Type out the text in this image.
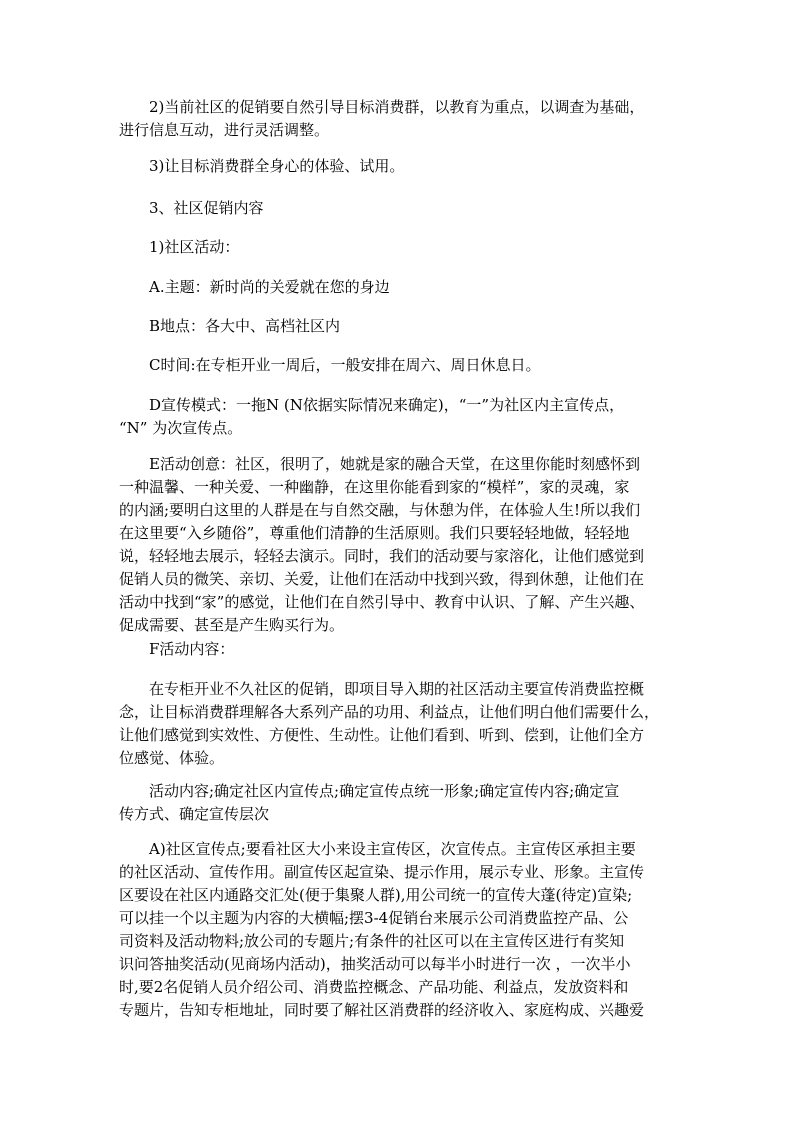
　　2)当前社区的促销要自然引导目标消费群，以教育为重点，以调查为基础，
进行信息互动，进行灵活调整。
　　3)让目标消费群全身心的体验、试用。
　　3、社区促销内容
　　1)社区活动：
　　A.主题：新时尚的关爱就在您的身边
　　B地点：各大中、高档社区内
　　C时间:在专柜开业一周后，一般安排在周六、周日休息日。
　　D宣传模式：一拖N (N依据实际情况来确定)，“一”为社区内主宣传点，
“N” 为次宣传点。
　　E活动创意：社区，很明了，她就是家的融合天堂，在这里你能时刻感怀到
一种温馨、一种关爱、一种幽静，在这里你能看到家的“模样”，家的灵魂，家
的内涵;要明白这里的人群是在与自然交融，与休憩为伴，在体验人生!所以我们
在这里要“入乡随俗”，尊重他们清静的生活原则。我们只要轻轻地做，轻轻地
说，轻轻地去展示，轻轻去演示。同时，我们的活动要与家溶化，让他们感觉到
促销人员的微笑、亲切、关爱，让他们在活动中找到兴致，得到休憩，让他们在
活动中找到“家”的感觉，让他们在自然引导中、教育中认识、了解、产生兴趣、
促成需要、甚至是产生购买行为。
　　F活动内容：
　　在专柜开业不久社区的促销，即项目导入期的社区活动主要宣传消费监控概
念，让目标消费群理解各大系列产品的功用、利益点，让他们明白他们需要什么，
让他们感觉到实效性、方便性、生动性。让他们看到、听到、偿到，让他们全方
位感觉、体验。
　　活动内容;确定社区内宣传点;确定宣传点统一形象;确定宣传内容;确定宣
传方式、确定宣传层次
　　A)社区宣传点;要看社区大小来设主宣传区，次宣传点。主宣传区承担主要
的社区活动、宣传作用。副宣传区起宣染、提示作用，展示专业、形象。主宣传
区要设在社区内通路交汇处(便于集聚人群),用公司统一的宣传大蓬(待定)宣染;
可以挂一个以主题为内容的大横幅;摆3-4促销台来展示公司消费监控产品、公
司资料及活动物料;放公司的专题片;有条件的社区可以在主宣传区进行有奖知
识问答抽奖活动(见商场内活动)，抽奖活动可以每半小时进行一次 ，一次半小
时,要2名促销人员介绍公司、消费监控概念、产品功能、利益点，发放资料和
专题片，告知专柜地址，同时要了解社区消费群的经济收入、家庭构成、兴趣爱
